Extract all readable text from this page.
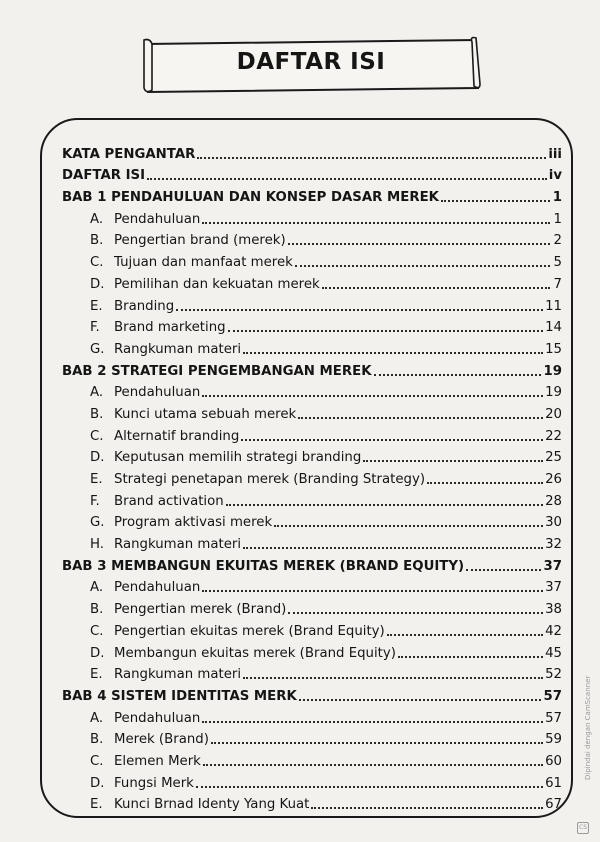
DAFTAR ISI
KATA PENGANTAR	iii
DAFTAR ISI	iv
BAB 1 PENDAHULUAN DAN KONSEP DASAR MEREK	1
A. Pendahuluan	1
B. Pengertian brand (merek)	2
C. Tujuan dan manfaat merek	5
D. Pemilihan dan kekuatan merek	7
E. Branding	11
F.	Brand marketing	14
G. Rangkuman materi	15
BAB 2 STRATEGI PENGEMBANGAN MEREK	19
A. Pendahuluan	19
B. Kunci utama sebuah merek	20
C. Alternatif branding	22
D. Keputusan memilih strategi branding	25
E. Strategi penetapan merek (Branding Strategy)	26
F.	Brand activation	28
G. Program aktivasi merek	30
H. Rangkuman materi	32
BAB 3 MEMBANGUN EKUITAS MEREK (BRAND EQUITY)	37
A. Pendahuluan	37
B. Pengertian merek (Brand)	38
C. Pengertian ekuitas merek (Brand Equity)	42
D. Membangun ekuitas merek (Brand Equity)	45
E. Rangkuman materi	52
BAB 4 SISTEM IDENTITAS MERK	57
A. Pendahuluan	57
B. Merek (Brand)	59
C. Elemen Merk	60
D. Fungsi Merk	61
E. Kunci Brnad Identy Yang Kuat	67
CS
Dipindai dengan CamScanner
